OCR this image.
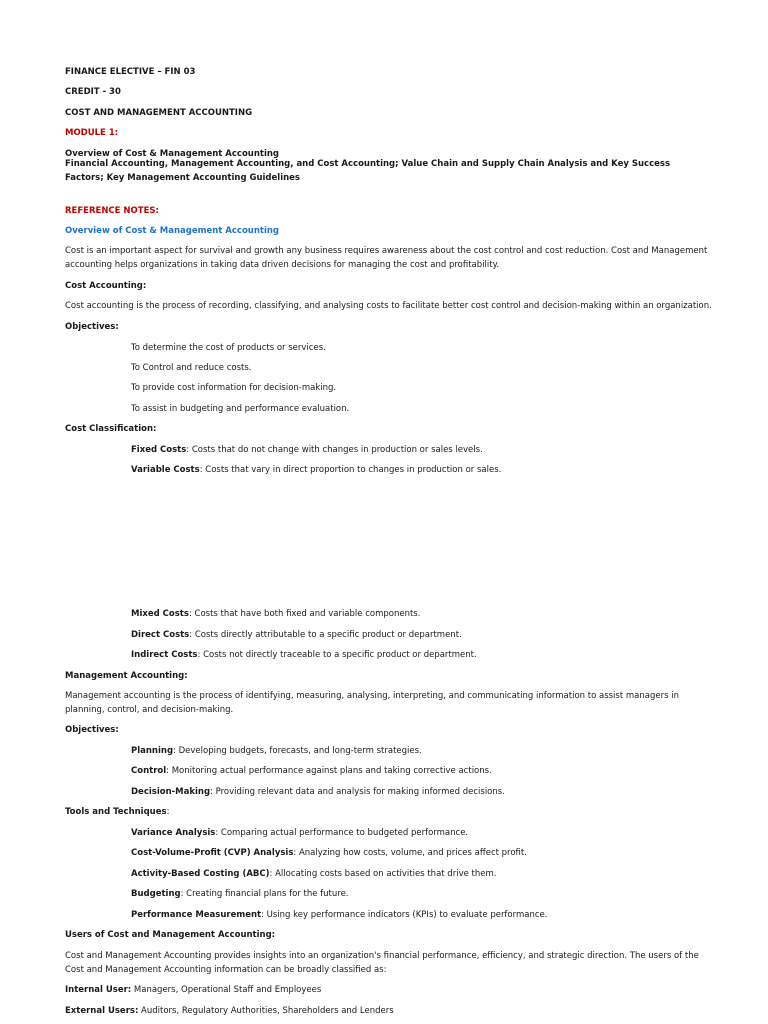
FINANCE ELECTIVE – FIN 03
CREDIT - 30
COST AND MANAGEMENT ACCOUNTING
MODULE 1:
Overview of Cost & Management Accounting
Financial Accounting, Management Accounting, and Cost Accounting; Value Chain and Supply Chain Analysis and Key Success Factors; Key Management Accounting Guidelines
REFERENCE NOTES:
Overview of Cost & Management Accounting
Cost is an important aspect for survival and growth any business requires awareness about the cost control and cost reduction. Cost and Management accounting helps organizations in taking data driven decisions for managing the cost and profitability.
Cost Accounting:
Cost accounting is the process of recording, classifying, and analysing costs to facilitate better cost control and decision-making within an organization.
Objectives:
To determine the cost of products or services.
To Control and reduce costs.
To provide cost information for decision-making.
To assist in budgeting and performance evaluation.
Cost Classification:
Fixed Costs: Costs that do not change with changes in production or sales levels.
Variable Costs: Costs that vary in direct proportion to changes in production or sales.
Mixed Costs: Costs that have both fixed and variable components.
Direct Costs: Costs directly attributable to a specific product or department.
Indirect Costs: Costs not directly traceable to a specific product or department.
Management Accounting:
Management accounting is the process of identifying, measuring, analysing, interpreting, and communicating information to assist managers in planning, control, and decision-making.
Objectives:
Planning: Developing budgets, forecasts, and long-term strategies.
Control: Monitoring actual performance against plans and taking corrective actions.
Decision-Making: Providing relevant data and analysis for making informed decisions.
Tools and Techniques:
Variance Analysis: Comparing actual performance to budgeted performance.
Cost-Volume-Profit (CVP) Analysis: Analyzing how costs, volume, and prices affect profit.
Activity-Based Costing (ABC): Allocating costs based on activities that drive them.
Budgeting: Creating financial plans for the future.
Performance Measurement: Using key performance indicators (KPIs) to evaluate performance.
Users of Cost and Management Accounting:
Cost and Management Accounting provides insights into an organization's financial performance, efficiency, and strategic direction. The users of the Cost and Management Accounting information can be broadly classified as:
Internal User: Managers, Operational Staff and Employees
External Users: Auditors, Regulatory Authorities, Shareholders and Lenders
